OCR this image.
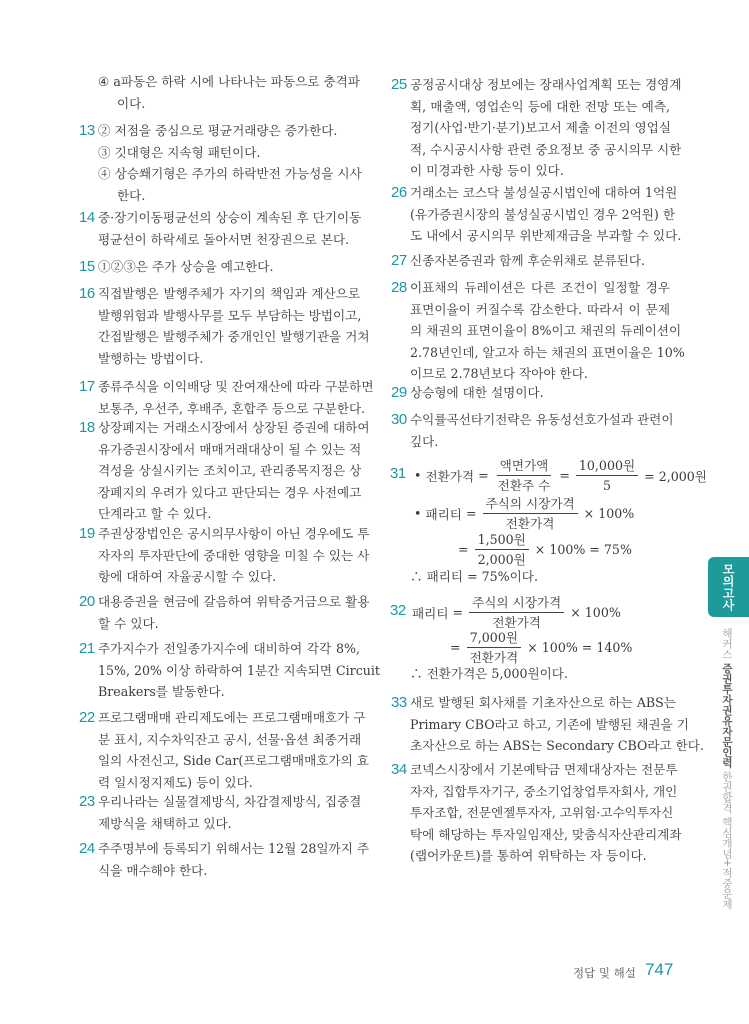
④ a파동은 하락 시에 나타나는 파동으로 충격파
이다.
13 ② 저점을 중심으로 평균거래량은 증가한다.
③ 깃대형은 지속형 패턴이다.
④ 상승쐐기형은 주가의 하락반전 가능성을 시사
한다.
14 중·장기이동평균선의 상승이 계속된 후 단기이동
평균선이 하락세로 돌아서면 천장권으로 본다.
15 ①②③은 주가 상승을 예고한다.
16 직접발행은 발행주체가 자기의 책임과 계산으로
발행위험과 발행사무를 모두 부담하는 방법이고,
간접발행은 발행주체가 중개인인 발행기관을 거쳐
발행하는 방법이다.
17 종류주식을 이익배당 및 잔여재산에 따라 구분하면
보통주, 우선주, 후배주, 혼합주 등으로 구분한다.
18 상장폐지는 거래소시장에서 상장된 증권에 대하여
유가증권시장에서 매매거래대상이 될 수 있는 적
격성을 상실시키는 조치이고, 관리종목지정은 상
장폐지의 우려가 있다고 판단되는 경우 사전예고
단계라고 할 수 있다.
19 주권상장법인은 공시의무사항이 아닌 경우에도 투
자자의 투자판단에 중대한 영향을 미칠 수 있는 사
항에 대하여 자율공시할 수 있다.
20 대용증권을 현금에 갈음하여 위탁증거금으로 활용
할 수 있다.
21 주가지수가 전일종가지수에 대비하여 각각 8%,
15%, 20% 이상 하락하여 1분간 지속되면 Circuit
Breakers를 발동한다.
22 프로그램매매 관리제도에는 프로그램매매호가 구
분 표시, 지수차익잔고 공시, 선물·옵션 최종거래
일의 사전신고, Side Car(프로그램매매호가의 효
력 일시정지제도) 등이 있다.
23 우리나라는 실물결제방식, 차감결제방식, 집중결
제방식을 채택하고 있다.
24 주주명부에 등록되기 위해서는 12월 28일까지 주
식을 매수해야 한다.
25 공정공시대상 정보에는 장래사업계획 또는 경영계
획, 매출액, 영업손익 등에 대한 전망 또는 예측,
정기(사업·반기·분기)보고서 제출 이전의 영업실
적, 수시공시사항 관련 중요정보 중 공시의무 시한
이 미경과한 사항 등이 있다.
26 거래소는 코스닥 불성실공시법인에 대하여 1억원
(유가증권시장의 불성실공시법인 경우 2억원) 한
도 내에서 공시의무 위반제재금을 부과할 수 있다.
27 신종자본증권과 함께 후순위채로 분류된다.
28 이표채의 듀레이션은 다른 조건이 일정할 경우
표면이율이 커질수록 감소한다. 따라서 이 문제
의 채권의 표면이율이 8%이고 채권의 듀레이션이
2.78년인데, 알고자 하는 채권의 표면이율은 10%
이므로 2.78년보다 작아야 한다.
29 상승형에 대한 설명이다.
30 수익률곡선타기전략은 유동성선호가설과 관련이
깊다.
33 새로 발행된 회사채를 기초자산으로 하는 ABS는
Primary CBO라고 하고, 기존에 발행된 채권을 기
초자산으로 하는 ABS는 Secondary CBO라고 한다.
34 코넥스시장에서 기본예탁금 면제대상자는 전문투
자자, 집합투자기구, 중소기업창업투자회사, 개인
투자조합, 전문엔젤투자자, 고위험·고수익투자신
탁에 해당하는 투자일임재산, 맞춤식자산관리계좌
(랩어카운트)를 통하여 위탁하는 자 등이다.
31 • 전환가격 = $\frac{\text{액면가액}}{\text{전환주 수}} = \frac{\text{10,000원}}{5} = 2,000$원
• 패리티 = $\frac{\text{주식의 시장가격}}{\text{전환가격}} \times 100\%$
= $\frac{\text{1,500원}}{\text{2,000원}} \times 100\% = 75\%$
∴ 패리티 = 75%이다.
32 패리티 = $\frac{\text{주식의 시장가격}}{\text{전환가격}} \times 100\%$
= $\frac{\text{7,000원}}{\text{전환가격}} \times 100\% = 140\%$
∴ 전환가격은 5,000원이다.
모의고사
해커스 증권투자권유자문인력 한권합격 핵심개념+적중문제
정답 및 해설 747
